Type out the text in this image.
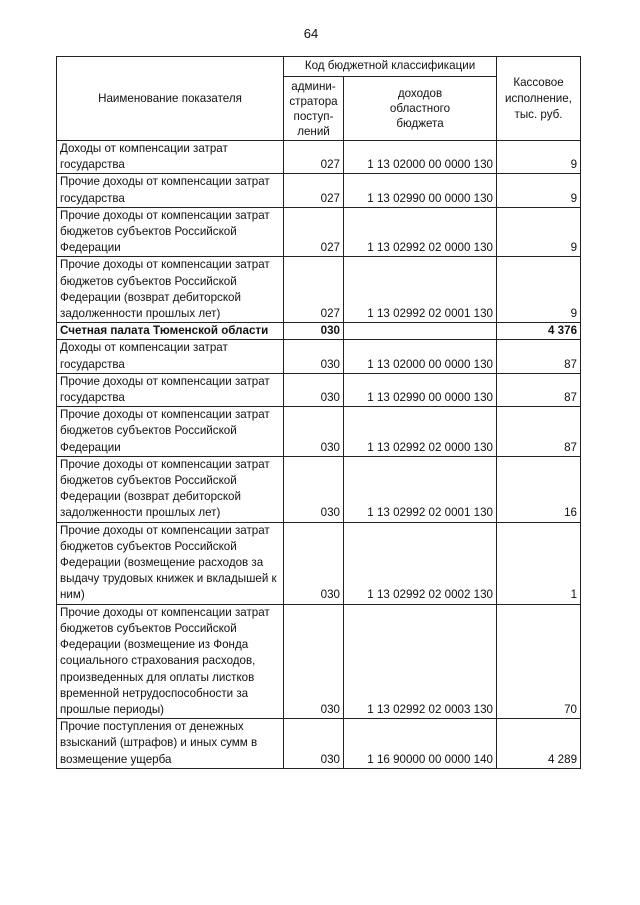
64
Наименование показателя	Код бюджетной классификации		Кассовое
исполнение,
тыс. руб.
	админи-
стратора
поступ-
лений	доходов
областного
бюджета	
Доходы от компенсации затрат государства	027	1 13 02000 00 0000 130	9
Прочие доходы от компенсации затрат государства	027	1 13 02990 00 0000 130	9
Прочие доходы от компенсации затрат бюджетов субъектов Российской Федерации	027	1 13 02992 02 0000 130	9
Прочие доходы от компенсации затрат бюджетов субъектов Российской Федерации (возврат дебиторской задолженности прошлых лет)	027	1 13 02992 02 0001 130	9
Счетная палата Тюменской области	030		4 376
Доходы от компенсации затрат государства	030	1 13 02000 00 0000 130	87
Прочие доходы от компенсации затрат государства	030	1 13 02990 00 0000 130	87
Прочие доходы от компенсации затрат бюджетов субъектов Российской Федерации	030	1 13 02992 02 0000 130	87
Прочие доходы от компенсации затрат бюджетов субъектов Российской Федерации (возврат дебиторской задолженности прошлых лет)	030	1 13 02992 02 0001 130	16
Прочие доходы от компенсации затрат бюджетов субъектов Российской Федерации (возмещение расходов за выдачу трудовых книжек и вкладышей к ним)	030	1 13 02992 02 0002 130	1
Прочие доходы от компенсации затрат бюджетов субъектов Российской Федерации (возмещение из Фонда социального страхования расходов, произведенных для оплаты листков временной нетрудоспособности за прошлые периоды)	030	1 13 02992 02 0003 130	70
Прочие поступления от денежных взысканий (штрафов) и иных сумм в возмещение ущерба	030	1 16 90000 00 0000 140	4 289
